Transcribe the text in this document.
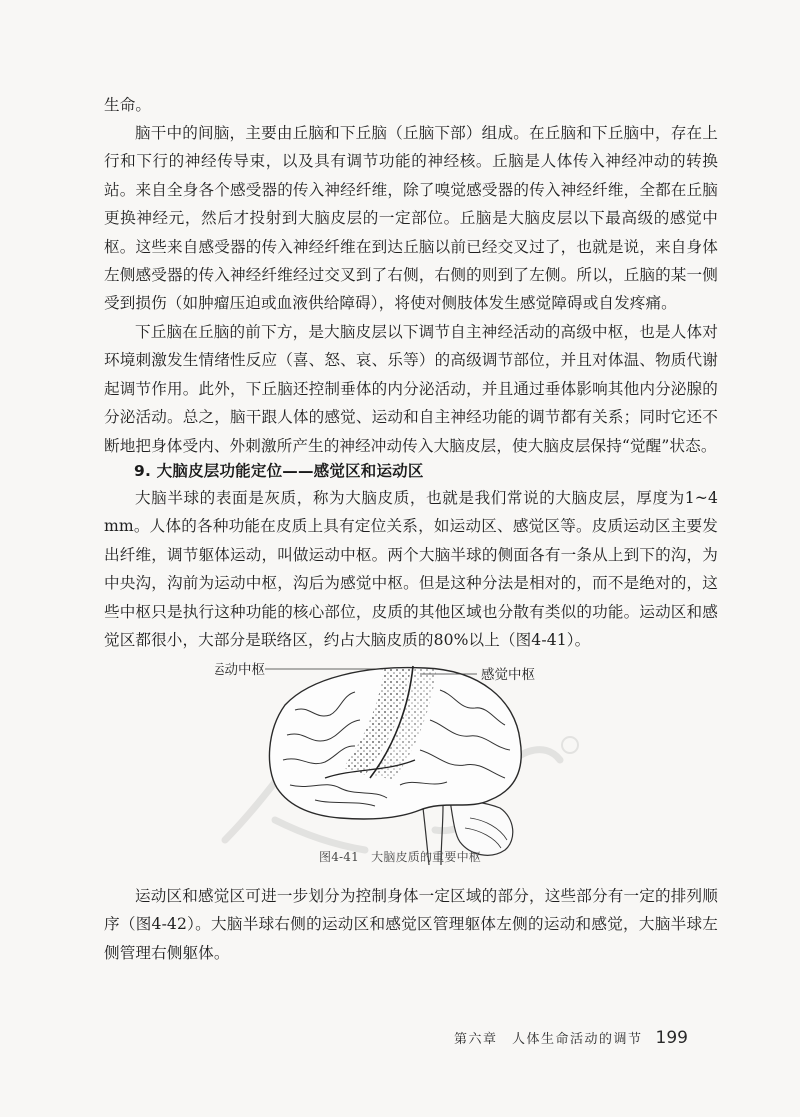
生命。

脑干中的间脑，主要由丘脑和下丘脑（丘脑下部）组成。在丘脑和下丘脑中，存在上行和下行的神经传导束，以及具有调节功能的神经核。丘脑是人体传入神经冲动的转换站。来自全身各个感受器的传入神经纤维，除了嗅觉感受器的传入神经纤维，全都在丘脑更换神经元，然后才投射到大脑皮层的一定部位。丘脑是大脑皮层以下最高级的感觉中枢。这些来自感受器的传入神经纤维在到达丘脑以前已经交叉过了，也就是说，来自身体左侧感受器的传入神经纤维经过交叉到了右侧，右侧的则到了左侧。所以，丘脑的某一侧受到损伤（如肿瘤压迫或血液供给障碍），将使对侧肢体发生感觉障碍或自发疼痛。

下丘脑在丘脑的前下方，是大脑皮层以下调节自主神经活动的高级中枢，也是人体对环境刺激发生情绪性反应（喜、怒、哀、乐等）的高级调节部位，并且对体温、物质代谢起调节作用。此外，下丘脑还控制垂体的内分泌活动，并且通过垂体影响其他内分泌腺的分泌活动。总之，脑干跟人体的感觉、运动和自主神经功能的调节都有关系；同时它还不断地把身体受内、外刺激所产生的神经冲动传入大脑皮层，使大脑皮层保持“觉醒”状态。

9. 大脑皮层功能定位——感觉区和运动区

大脑半球的表面是灰质，称为大脑皮质，也就是我们常说的大脑皮层，厚度为1~4 mm。人体的各种功能在皮质上具有定位关系，如运动区、感觉区等。皮质运动区主要发出纤维，调节躯体运动，叫做运动中枢。两个大脑半球的侧面各有一条从上到下的沟，为中央沟，沟前为运动中枢，沟后为感觉中枢。但是这种分法是相对的，而不是绝对的，这些中枢只是执行这种功能的核心部位，皮质的其他区域也分散有类似的功能。运动区和感觉区都很小，大部分是联络区，约占大脑皮质的80%以上（图4-41）。

运动中枢	感觉中枢
图4-41　大脑皮质的重要中枢

运动区和感觉区可进一步划分为控制身体一定区域的部分，这些部分有一定的排列顺序（图4-42）。大脑半球右侧的运动区和感觉区管理躯体左侧的运动和感觉，大脑半球左侧管理右侧躯体。

第六章　人体生命活动的调节 199
